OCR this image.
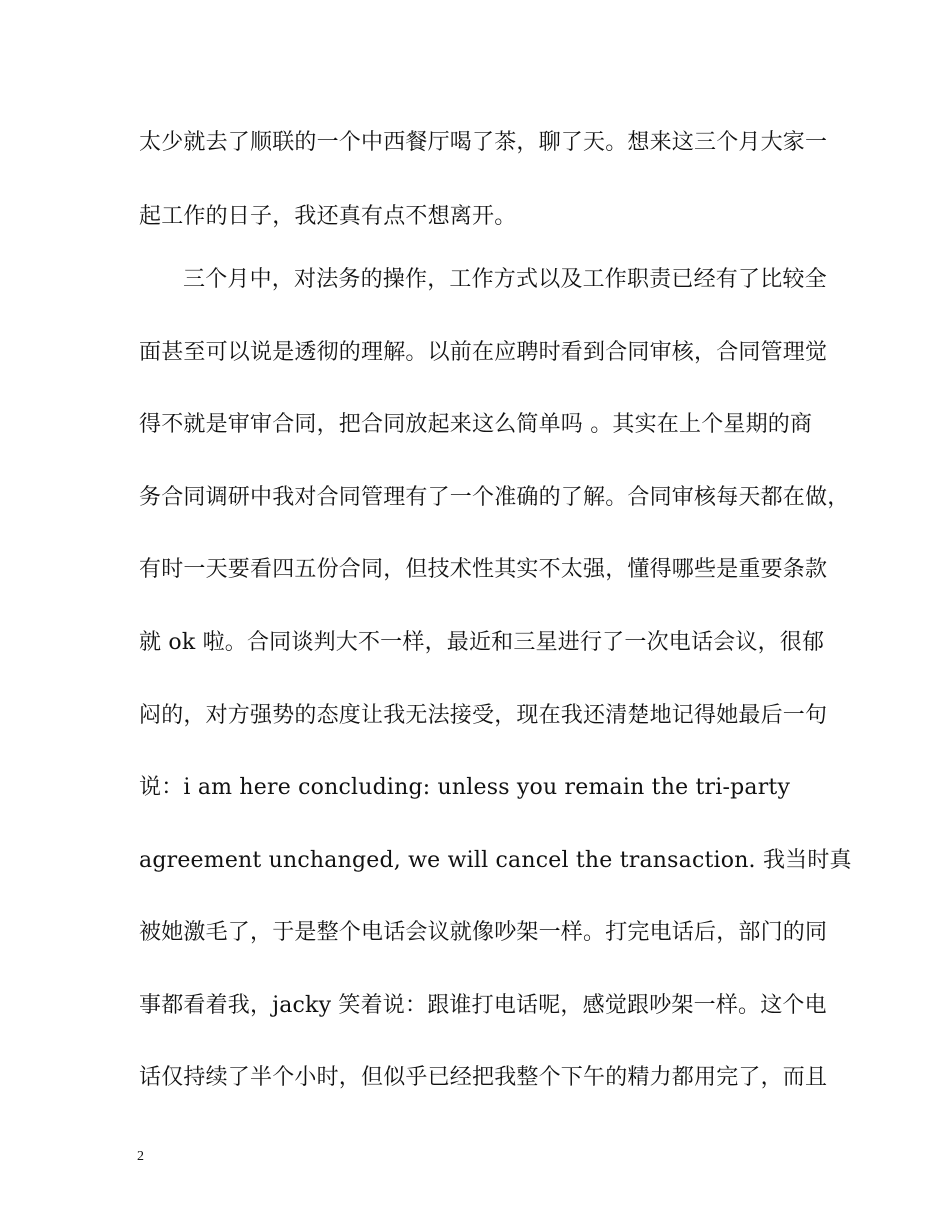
太少就去了顺联的一个中西餐厅喝了茶，聊了天。想来这三个月大家一
起工作的日子，我还真有点不想离开。
三个月中，对法务的操作，工作方式以及工作职责已经有了比较全
面甚至可以说是透彻的理解。以前在应聘时看到合同审核，合同管理觉
得不就是审审合同，把合同放起来这么简单吗 。其实在上个星期的商
务合同调研中我对合同管理有了一个准确的了解。合同审核每天都在做，
有时一天要看四五份合同，但技术性其实不太强，懂得哪些是重要条款
就 ok 啦。合同谈判大不一样，最近和三星进行了一次电话会议，很郁
闷的，对方强势的态度让我无法接受，现在我还清楚地记得她最后一句
说：i am here concluding: unless you remain the tri-party
agreement unchanged, we will cancel the transaction. 我当时真
被她激毛了，于是整个电话会议就像吵架一样。打完电话后，部门的同
事都看着我，jacky 笑着说：跟谁打电话呢，感觉跟吵架一样。这个电
话仅持续了半个小时，但似乎已经把我整个下午的精力都用完了，而且
2
